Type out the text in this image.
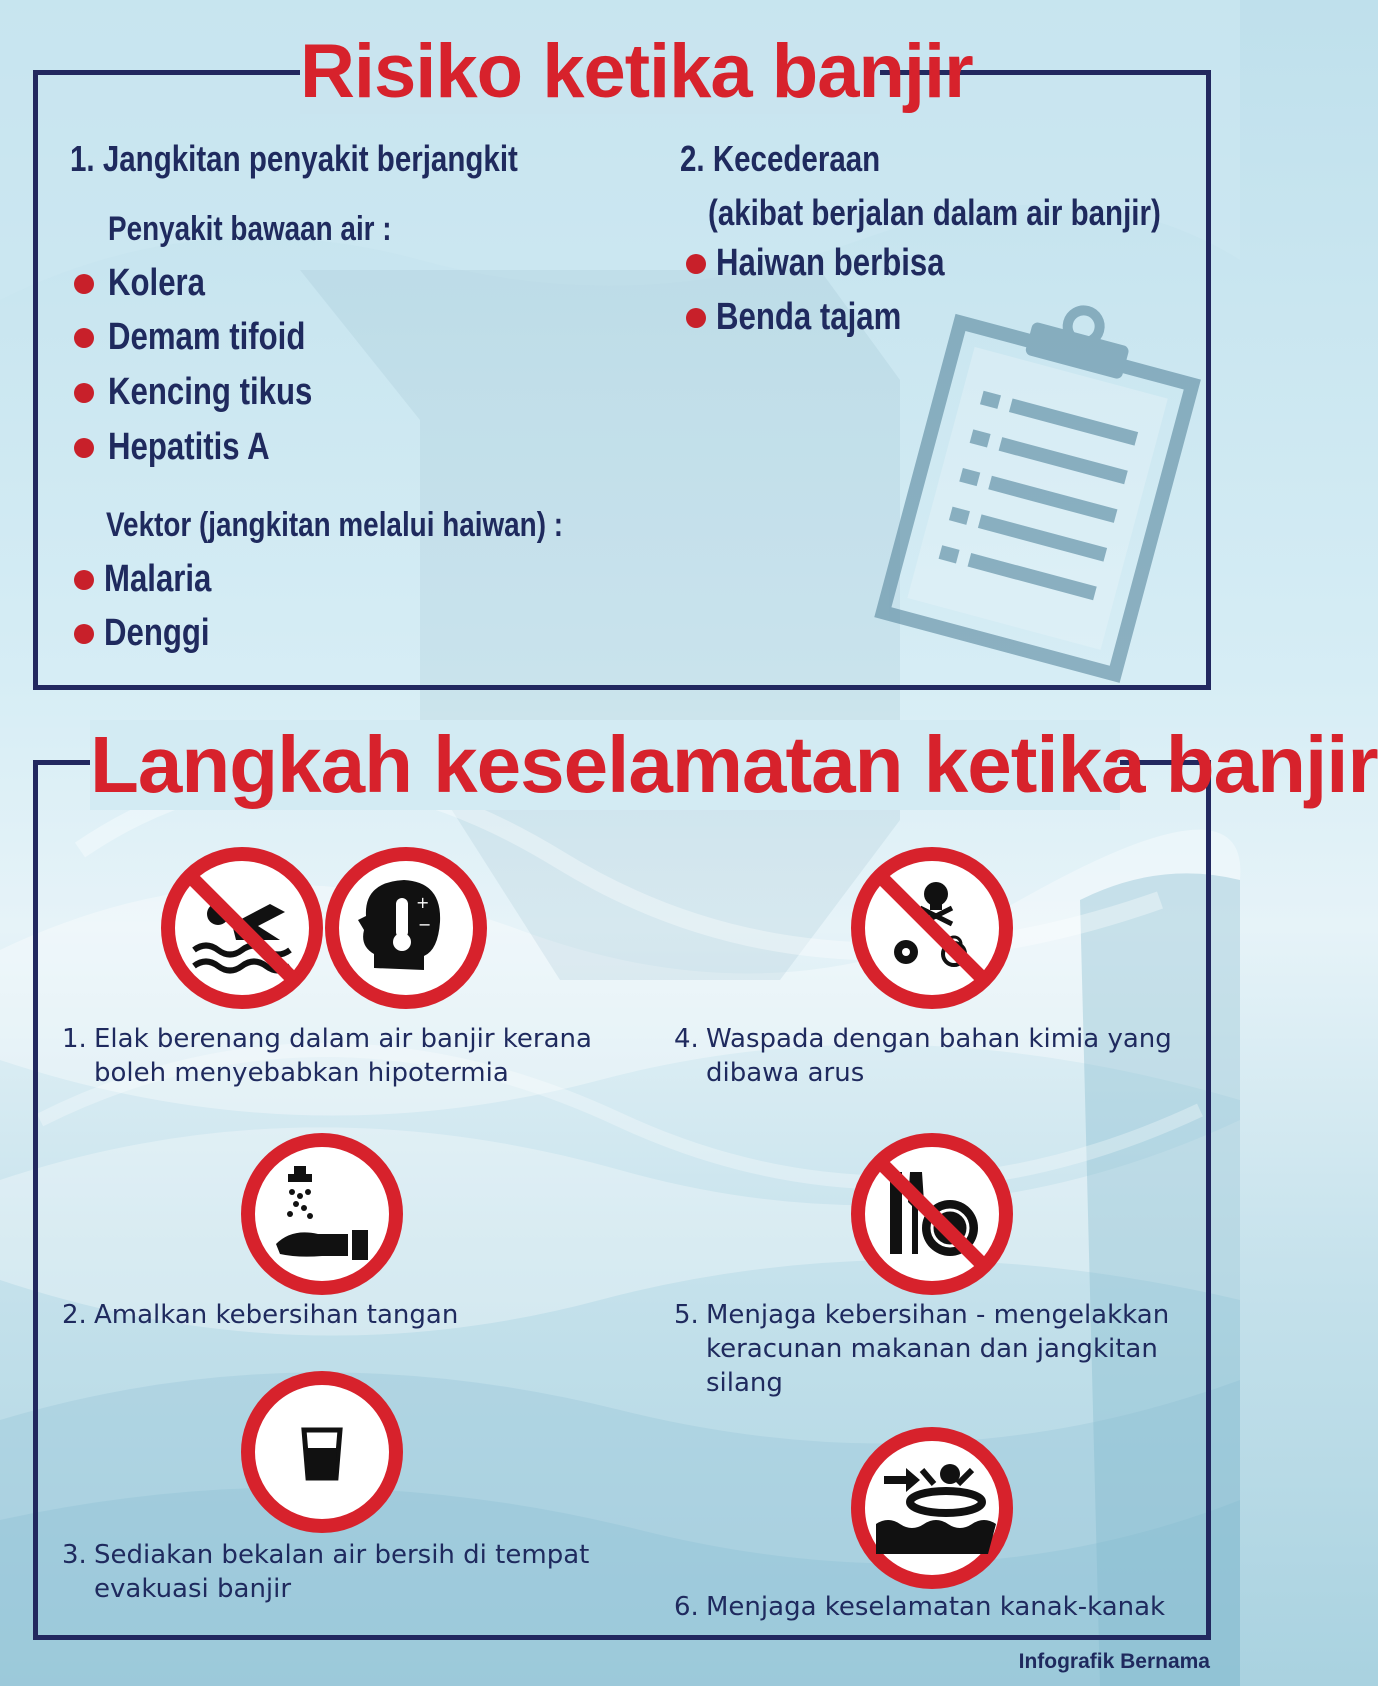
Risiko ketika banjir
1. Jangkitan penyakit berjangkit
Penyakit bawaan air :
Kolera
Demam tifoid
Kencing tikus
Hepatitis A
Vektor (jangkitan melalui haiwan) :
Malaria
Denggi
2. Kecederaan
(akibat berjalan dalam air banjir)
Haiwan berbisa
Benda tajam
Langkah keselamatan ketika banjir
+
−
1. Elak berenang dalam air banjir kerana boleh menyebabkan hipotermia
2. Amalkan kebersihan tangan
3. Sediakan bekalan air bersih di tempat evakuasi banjir
4. Waspada dengan bahan kimia yang dibawa arus
5. Menjaga kebersihan - mengelakkan keracunan makanan dan jangkitan silang
6. Menjaga keselamatan kanak-kanak
Infografik Bernama
